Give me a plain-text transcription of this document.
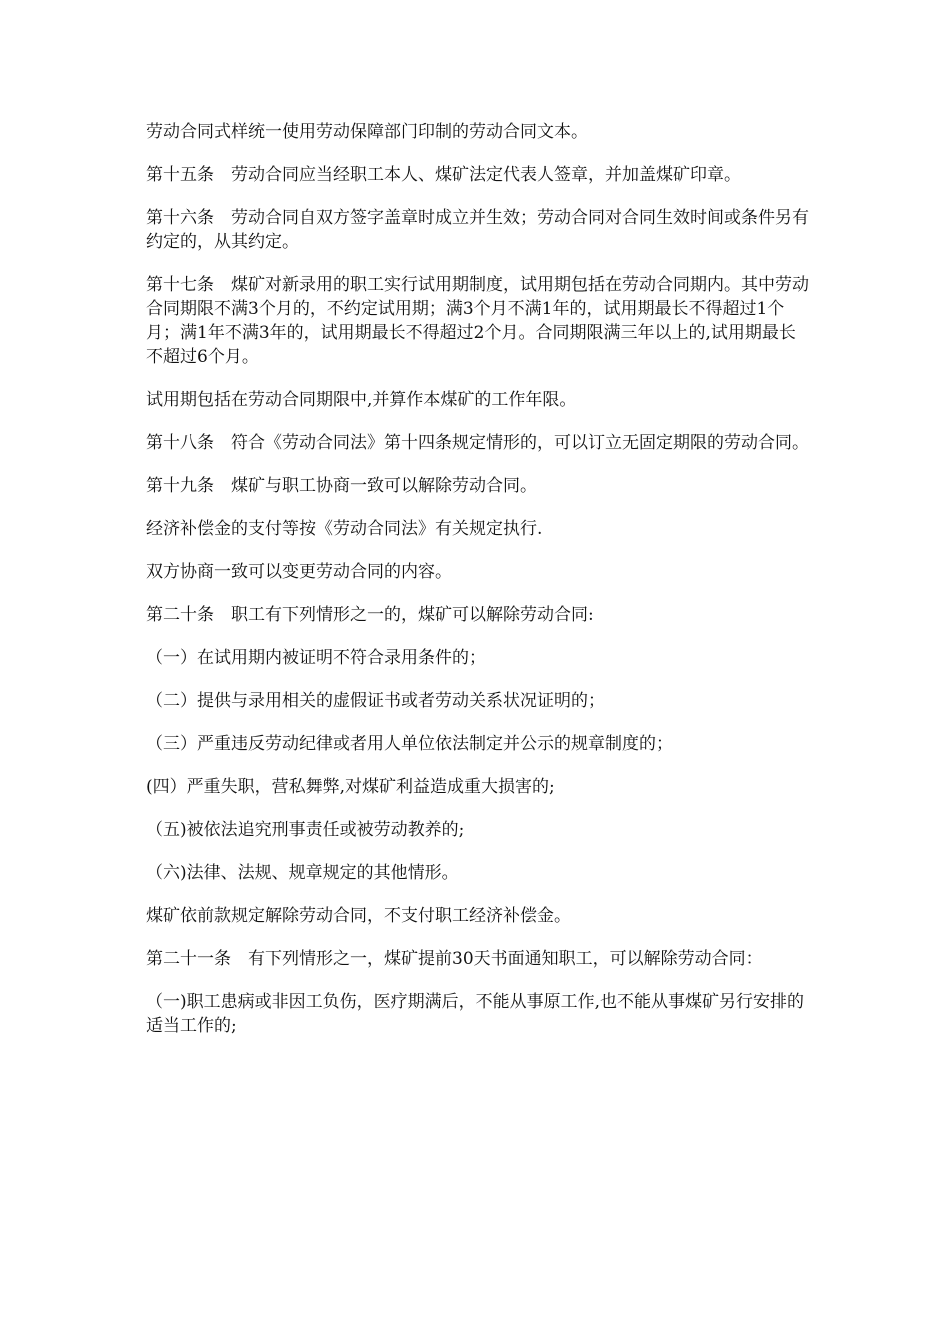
劳动合同式样统一使用劳动保障部门印制的劳动合同文本。

第十五条　劳动合同应当经职工本人、煤矿法定代表人签章，并加盖煤矿印章。

第十六条　劳动合同自双方签字盖章时成立并生效；劳动合同对合同生效时间或条件另有约定的，从其约定。

第十七条　煤矿对新录用的职工实行试用期制度，试用期包括在劳动合同期内。其中劳动合同期限不满3个月的，不约定试用期；满3个月不满1年的，试用期最长不得超过1个月；满1年不满3年的，试用期最长不得超过2个月。合同期限满三年以上的,试用期最长不超过6个月。

试用期包括在劳动合同期限中,并算作本煤矿的工作年限。

第十八条　符合《劳动合同法》第十四条规定情形的，可以订立无固定期限的劳动合同。

第十九条　煤矿与职工协商一致可以解除劳动合同。

经济补偿金的支付等按《劳动合同法》有关规定执行.

双方协商一致可以变更劳动合同的内容。

第二十条　职工有下列情形之一的，煤矿可以解除劳动合同:

（一）在试用期内被证明不符合录用条件的；

（二）提供与录用相关的虚假证书或者劳动关系状况证明的；

（三）严重违反劳动纪律或者用人单位依法制定并公示的规章制度的；

(四）严重失职，营私舞弊,对煤矿利益造成重大损害的;

（五)被依法追究刑事责任或被劳动教养的;

（六)法律、法规、规章规定的其他情形。

煤矿依前款规定解除劳动合同，不支付职工经济补偿金。

第二十一条　有下列情形之一，煤矿提前30天书面通知职工，可以解除劳动合同：

（一)职工患病或非因工负伤，医疗期满后，不能从事原工作,也不能从事煤矿另行安排的适当工作的;
